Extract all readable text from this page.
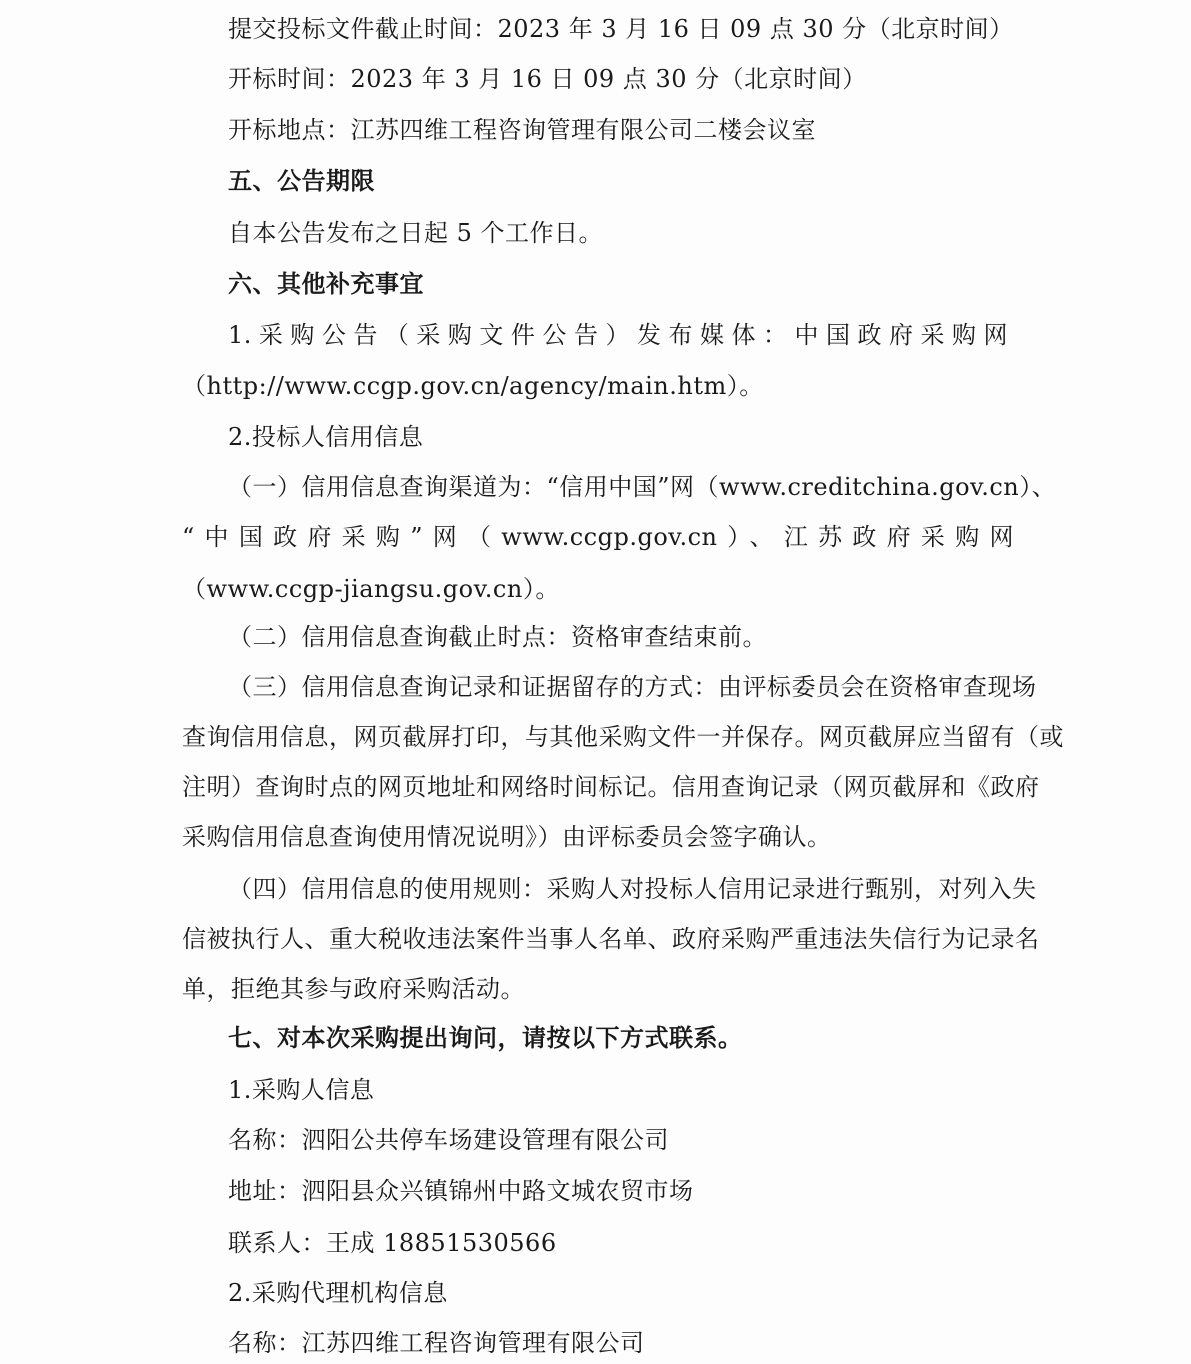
提交投标文件截止时间：2023 年 3 月 16 日 09 点 30 分（北京时间）
开标时间：2023 年 3 月 16 日 09 点 30 分（北京时间）
开标地点：江苏四维工程咨询管理有限公司二楼会议室
五、公告期限
自本公告发布之日起 5 个工作日。
六、其他补充事宜
1.采购公告（采购文件公告）发布媒体：中国政府采购网
（http://www.ccgp.gov.cn/agency/main.htm）。
2.投标人信用信息
（一）信用信息查询渠道为：“信用中国”网（www.creditchina.gov.cn）、
“中国政府采购”网（www.ccgp.gov.cn）、江苏政府采购网
（www.ccgp-jiangsu.gov.cn）。
（二）信用信息查询截止时点：资格审查结束前。
（三）信用信息查询记录和证据留存的方式：由评标委员会在资格审查现场
查询信用信息，网页截屏打印，与其他采购文件一并保存。网页截屏应当留有（或
注明）查询时点的网页地址和网络时间标记。信用查询记录（网页截屏和《政府
采购信用信息查询使用情况说明》）由评标委员会签字确认。
（四）信用信息的使用规则：采购人对投标人信用记录进行甄别，对列入失
信被执行人、重大税收违法案件当事人名单、政府采购严重违法失信行为记录名
单，拒绝其参与政府采购活动。
七、对本次采购提出询问，请按以下方式联系。
1.采购人信息
名称：泗阳公共停车场建设管理有限公司
地址：泗阳县众兴镇锦州中路文城农贸市场
联系人：王成 18851530566
2.采购代理机构信息
名称：江苏四维工程咨询管理有限公司
